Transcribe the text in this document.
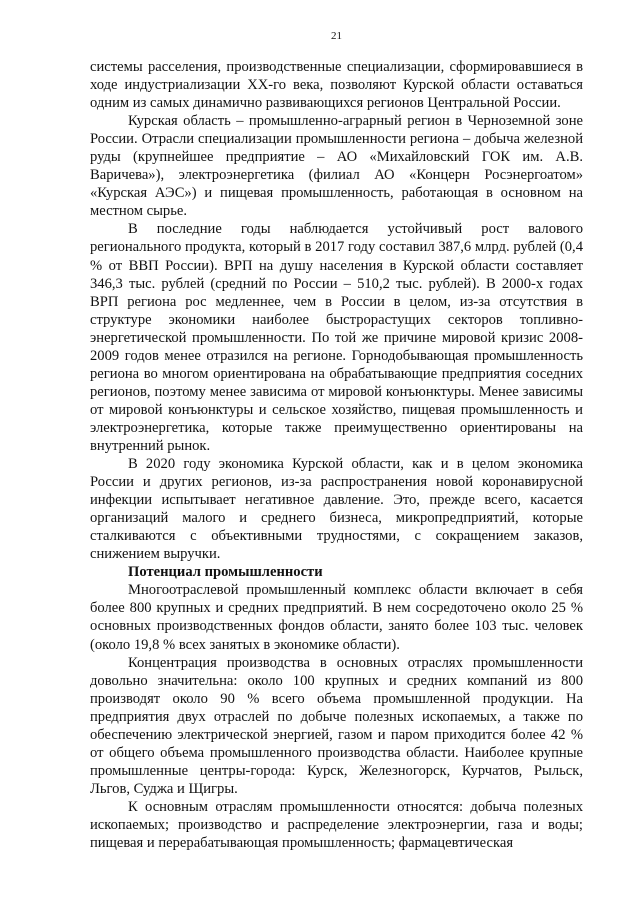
21

системы расселения, производственные специализации, сформировавшиеся в ходе индустриализации XX-го века, позволяют Курской области оставаться одним из самых динамично развивающихся регионов Центральной России.

Курская область – промышленно-аграрный регион в Черноземной зоне России. Отрасли специализации промышленности региона – добыча железной руды (крупнейшее предприятие – АО «Михайловский ГОК им. А.В. Варичева»), электроэнергетика (филиал АО «Концерн Росэнергоатом» «Курская АЭС») и пищевая промышленность, работающая в основном на местном сырье.

В последние годы наблюдается устойчивый рост валового регионального продукта, который в 2017 году составил 387,6 млрд. рублей (0,4 % от ВВП России). ВРП на душу населения в Курской области составляет 346,3 тыс. рублей (средний по России – 510,2 тыс. рублей). В 2000-х годах ВРП региона рос медленнее, чем в России в целом, из-за отсутствия в структуре экономики наиболее быстрорастущих секторов топливно-энергетической промышленности. По той же причине мировой кризис 2008-2009 годов менее отразился на регионе. Горнодобывающая промышленность региона во многом ориентирована на обрабатывающие предприятия соседних регионов, поэтому менее зависима от мировой конъюнктуры. Менее зависимы от мировой конъюнктуры и сельское хозяйство, пищевая промышленность и электроэнергетика, которые также преимущественно ориентированы на внутренний рынок.

В 2020 году экономика Курской области, как и в целом экономика России и других регионов, из-за распространения новой коронавирусной инфекции испытывает негативное давление. Это, прежде всего, касается организаций малого и среднего бизнеса, микропредприятий, которые сталкиваются с объективными трудностями, с сокращением заказов, снижением выручки.

Потенциал промышленности

Многоотраслевой промышленный комплекс области включает в себя более 800 крупных и средних предприятий. В нем сосредоточено около 25 % основных производственных фондов области, занято более 103 тыс. человек (около 19,8 % всех занятых в экономике области).

Концентрация производства в основных отраслях промышленности довольно значительна: около 100 крупных и средних компаний из 800 производят около 90 % всего объема промышленной продукции. На предприятия двух отраслей по добыче полезных ископаемых, а также по обеспечению электрической энергией, газом и паром приходится более 42 % от общего объема промышленного производства области. Наиболее крупные промышленные центры-города: Курск, Железногорск, Курчатов, Рыльск, Льгов, Суджа и Щигры.

К основным отраслям промышленности относятся: добыча полезных ископаемых; производство и распределение электроэнергии, газа и воды; пищевая и перерабатывающая промышленность; фармацевтическая
